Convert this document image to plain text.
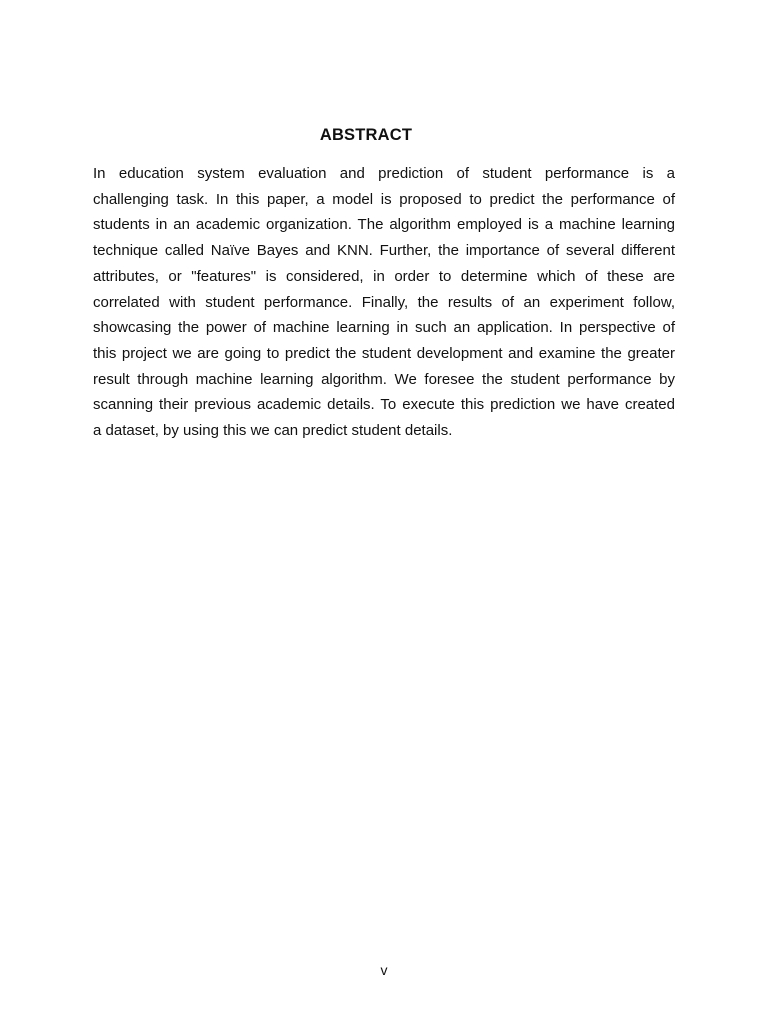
ABSTRACT

In education system evaluation and prediction of student performance is a
challenging task. In this paper, a model is proposed to predict the performance of
students in an academic organization. The algorithm employed is a machine learning
technique called Naïve Bayes and KNN. Further, the importance of several different
attributes, or "features" is considered, in order to determine which of these are
correlated with student performance. Finally, the results of an experiment follow,
showcasing the power of machine learning in such an application. In perspective of
this project we are going to predict the student development and examine the greater
result through machine learning algorithm. We foresee the student performance by
scanning their previous academic details. To execute this prediction we have created
a dataset, by using this we can predict student details.

v
